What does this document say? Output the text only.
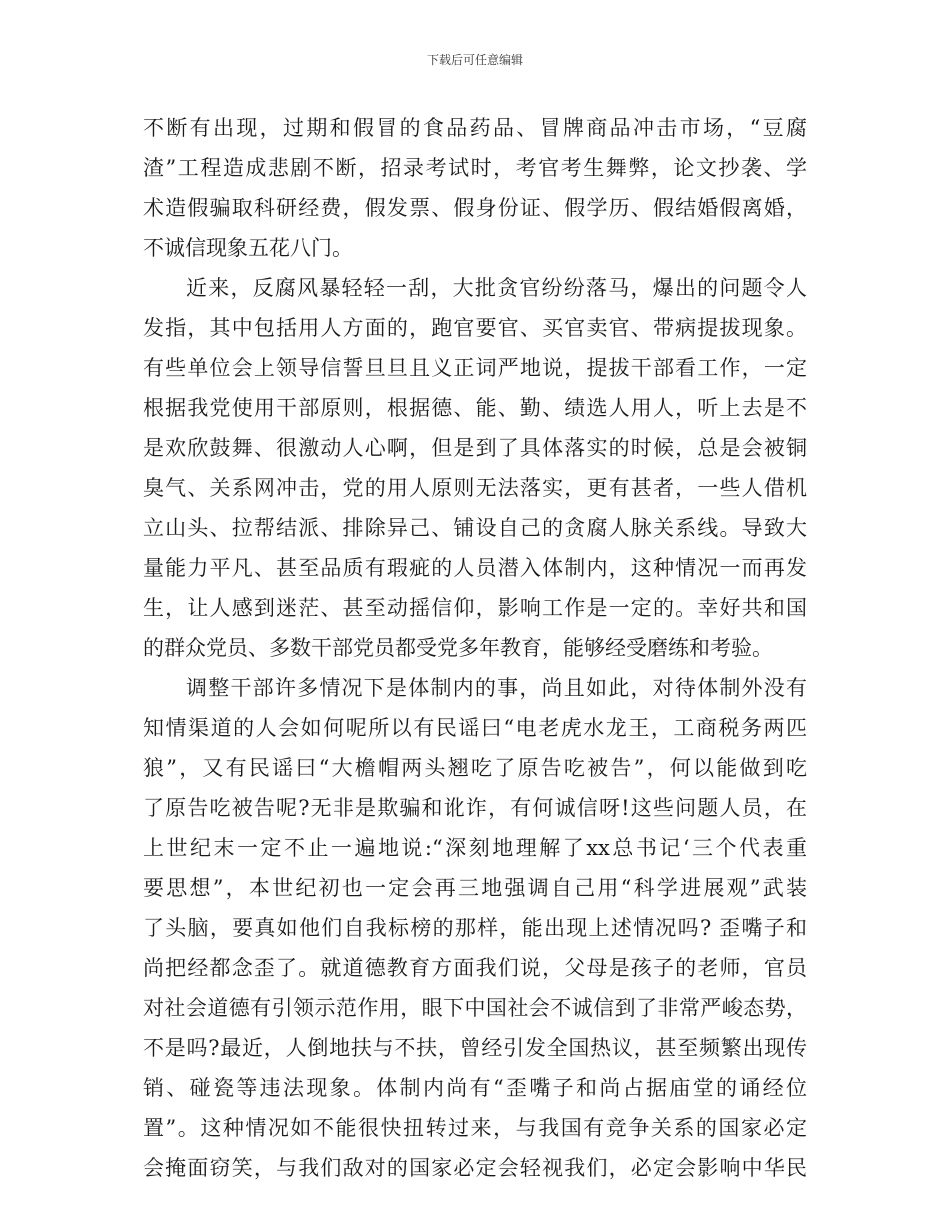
下载后可任意编辑
不断有出现，过期和假冒的食品药品、冒牌商品冲击市场，“豆腐
渣”工程造成悲剧不断，招录考试时，考官考生舞弊，论文抄袭、学
术造假骗取科研经费，假发票、假身份证、假学历、假结婚假离婚，
不诚信现象五花八门。
近来，反腐风暴轻轻一刮，大批贪官纷纷落马，爆出的问题令人
发指，其中包括用人方面的，跑官要官、买官卖官、带病提拔现象。
有些单位会上领导信誓旦旦且义正词严地说，提拔干部看工作，一定
根据我党使用干部原则，根据德、能、勤、绩选人用人，听上去是不
是欢欣鼓舞、很激动人心啊，但是到了具体落实的时候，总是会被铜
臭气、关系网冲击，党的用人原则无法落实，更有甚者，一些人借机
立山头、拉帮结派、排除异己、铺设自己的贪腐人脉关系线。导致大
量能力平凡、甚至品质有瑕疵的人员潜入体制内，这种情况一而再发
生，让人感到迷茫、甚至动摇信仰，影响工作是一定的。幸好共和国
的群众党员、多数干部党员都受党多年教育，能够经受磨练和考验。
调整干部许多情况下是体制内的事，尚且如此，对待体制外没有
知情渠道的人会如何呢所以有民谣曰“电老虎水龙王，工商税务两匹
狼”，又有民谣曰“大檐帽两头翘吃了原告吃被告”，何以能做到吃
了原告吃被告呢?无非是欺骗和讹诈，有何诚信呀!这些问题人员，在
上世纪末一定不止一遍地说:“深刻地理解了xx总书记‘三个代表重
要思想”，本世纪初也一定会再三地强调自己用“科学进展观”武装
了头脑，要真如他们自我标榜的那样，能出现上述情况吗? 歪嘴子和
尚把经都念歪了。就道德教育方面我们说，父母是孩子的老师，官员
对社会道德有引领示范作用，眼下中国社会不诚信到了非常严峻态势，
不是吗?最近，人倒地扶与不扶，曾经引发全国热议，甚至频繁出现传
销、碰瓷等违法现象。体制内尚有“歪嘴子和尚占据庙堂的诵经位
置”。这种情况如不能很快扭转过来，与我国有竞争关系的国家必定
会掩面窃笑，与我们敌对的国家必定会轻视我们，必定会影响中华民
